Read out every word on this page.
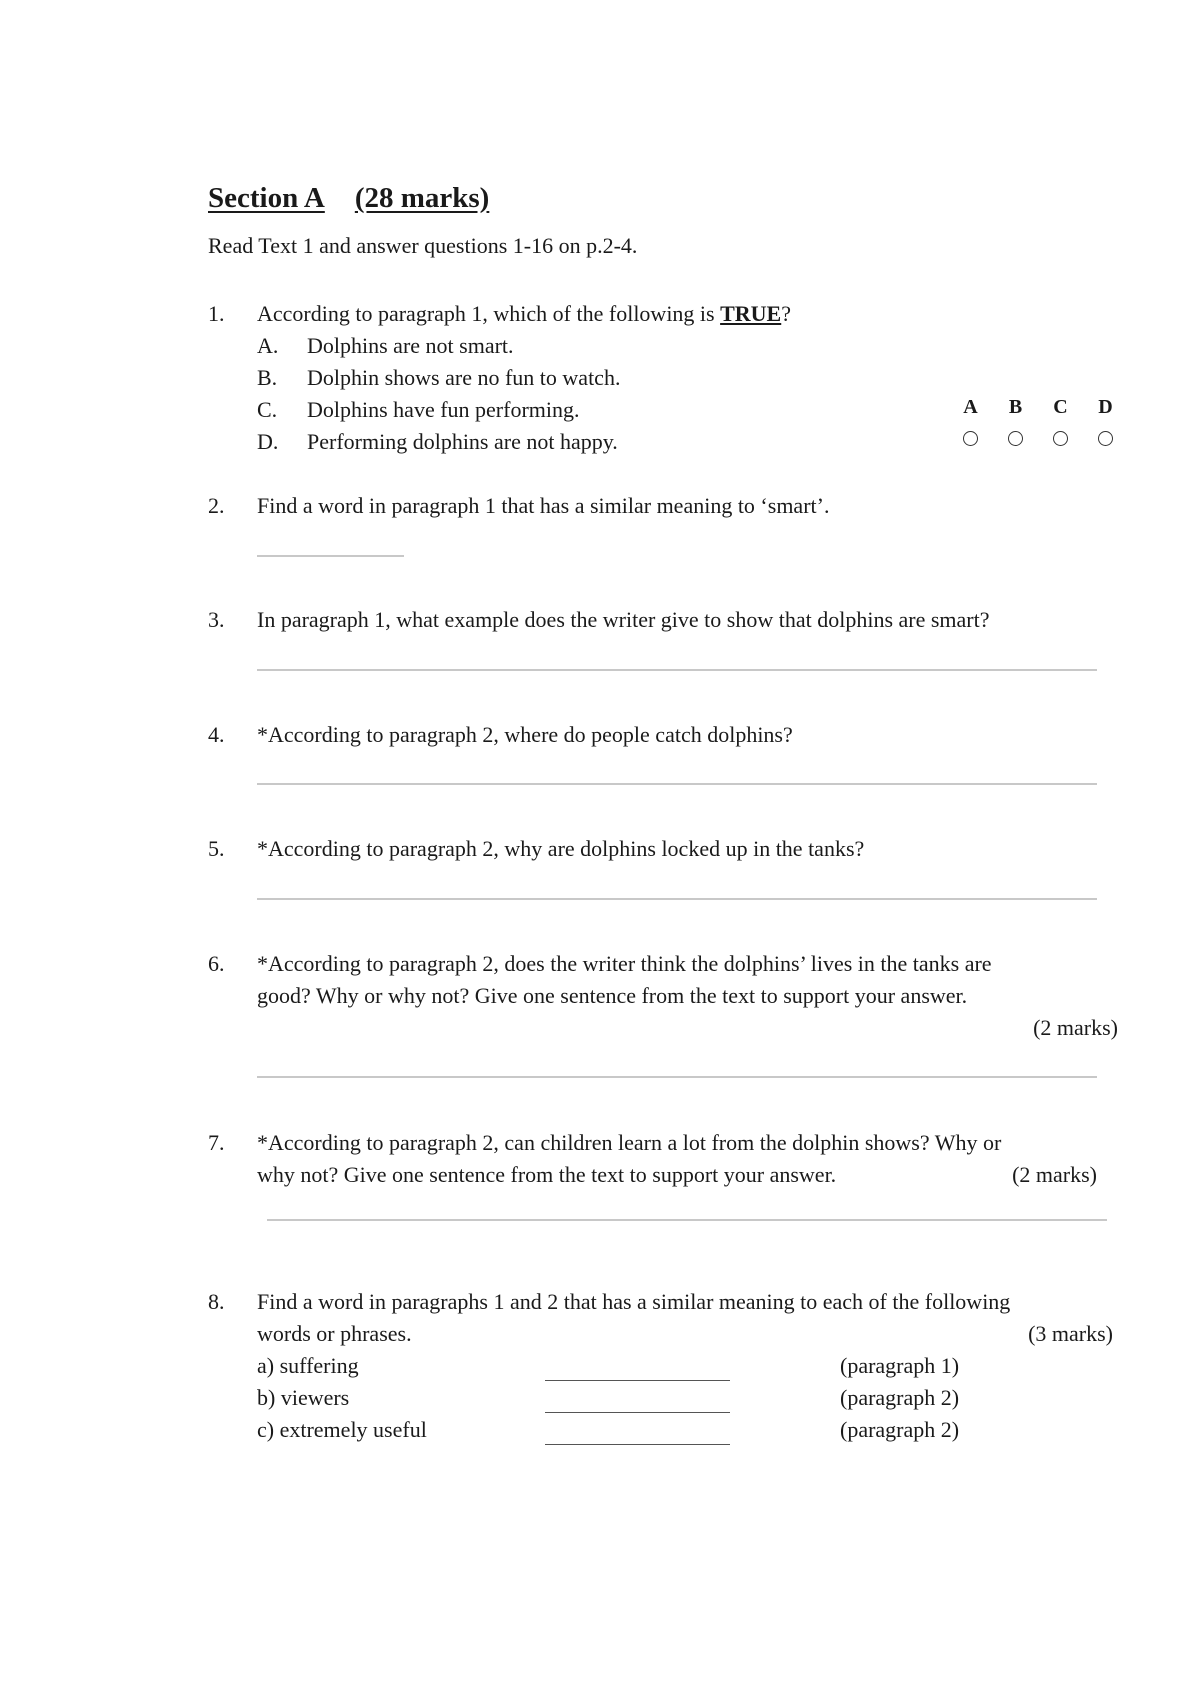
Section A (28 marks)
Read Text 1 and answer questions 1-16 on p.2-4.
1. According to paragraph 1, which of the following is TRUE?
A.	Dolphins are not smart.
B.	Dolphin shows are no fun to watch.
C.	Dolphins have fun performing.
D.	Performing dolphins are not happy.
A	B	C	D
2. Find a word in paragraph 1 that has a similar meaning to ‘smart’.
3. In paragraph 1, what example does the writer give to show that dolphins are smart?
4. *According to paragraph 2, where do people catch dolphins?
5. *According to paragraph 2, why are dolphins locked up in the tanks?
6. *According to paragraph 2, does the writer think the dolphins’ lives in the tanks are
good? Why or why not? Give one sentence from the text to support your answer.
(2 marks)
7. *According to paragraph 2, can children learn a lot from the dolphin shows? Why or
why not? Give one sentence from the text to support your answer.	(2 marks)
8. Find a word in paragraphs 1 and 2 that has a similar meaning to each of the following
words or phrases.	(3 marks)
a) suffering	(paragraph 1)
b) viewers	(paragraph 2)
c) extremely useful	(paragraph 2)
